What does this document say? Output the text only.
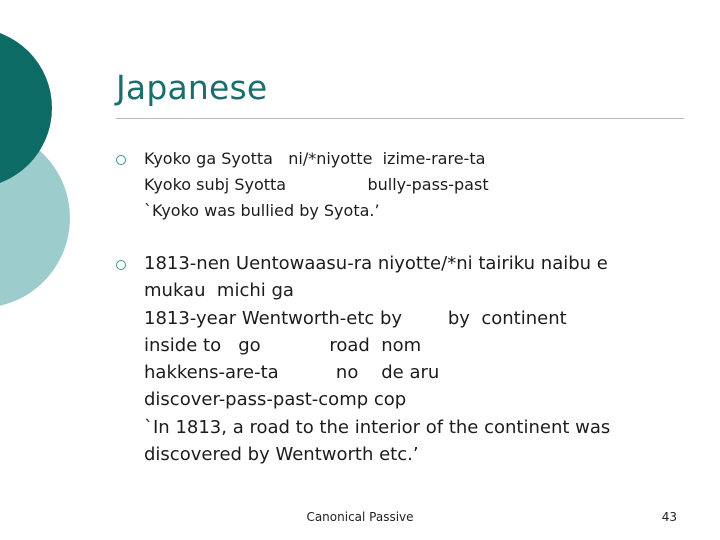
Japanese
Kyoko ga Syotta   ni/*niyotte  izime-rare-ta
Kyoko subj Syotta                bully-pass-past
`Kyoko was bullied by Syota.’
1813-nen Uentowaasu-ra niyotte/*ni tairiku naibu e
mukau  michi ga
1813-year Wentworth-etc by        by  continent
inside to   go            road  nom
hakkens-are-ta          no    de aru
discover-pass-past-comp cop
`In 1813, a road to the interior of the continent was
discovered by Wentworth etc.’
Canonical Passive	43
